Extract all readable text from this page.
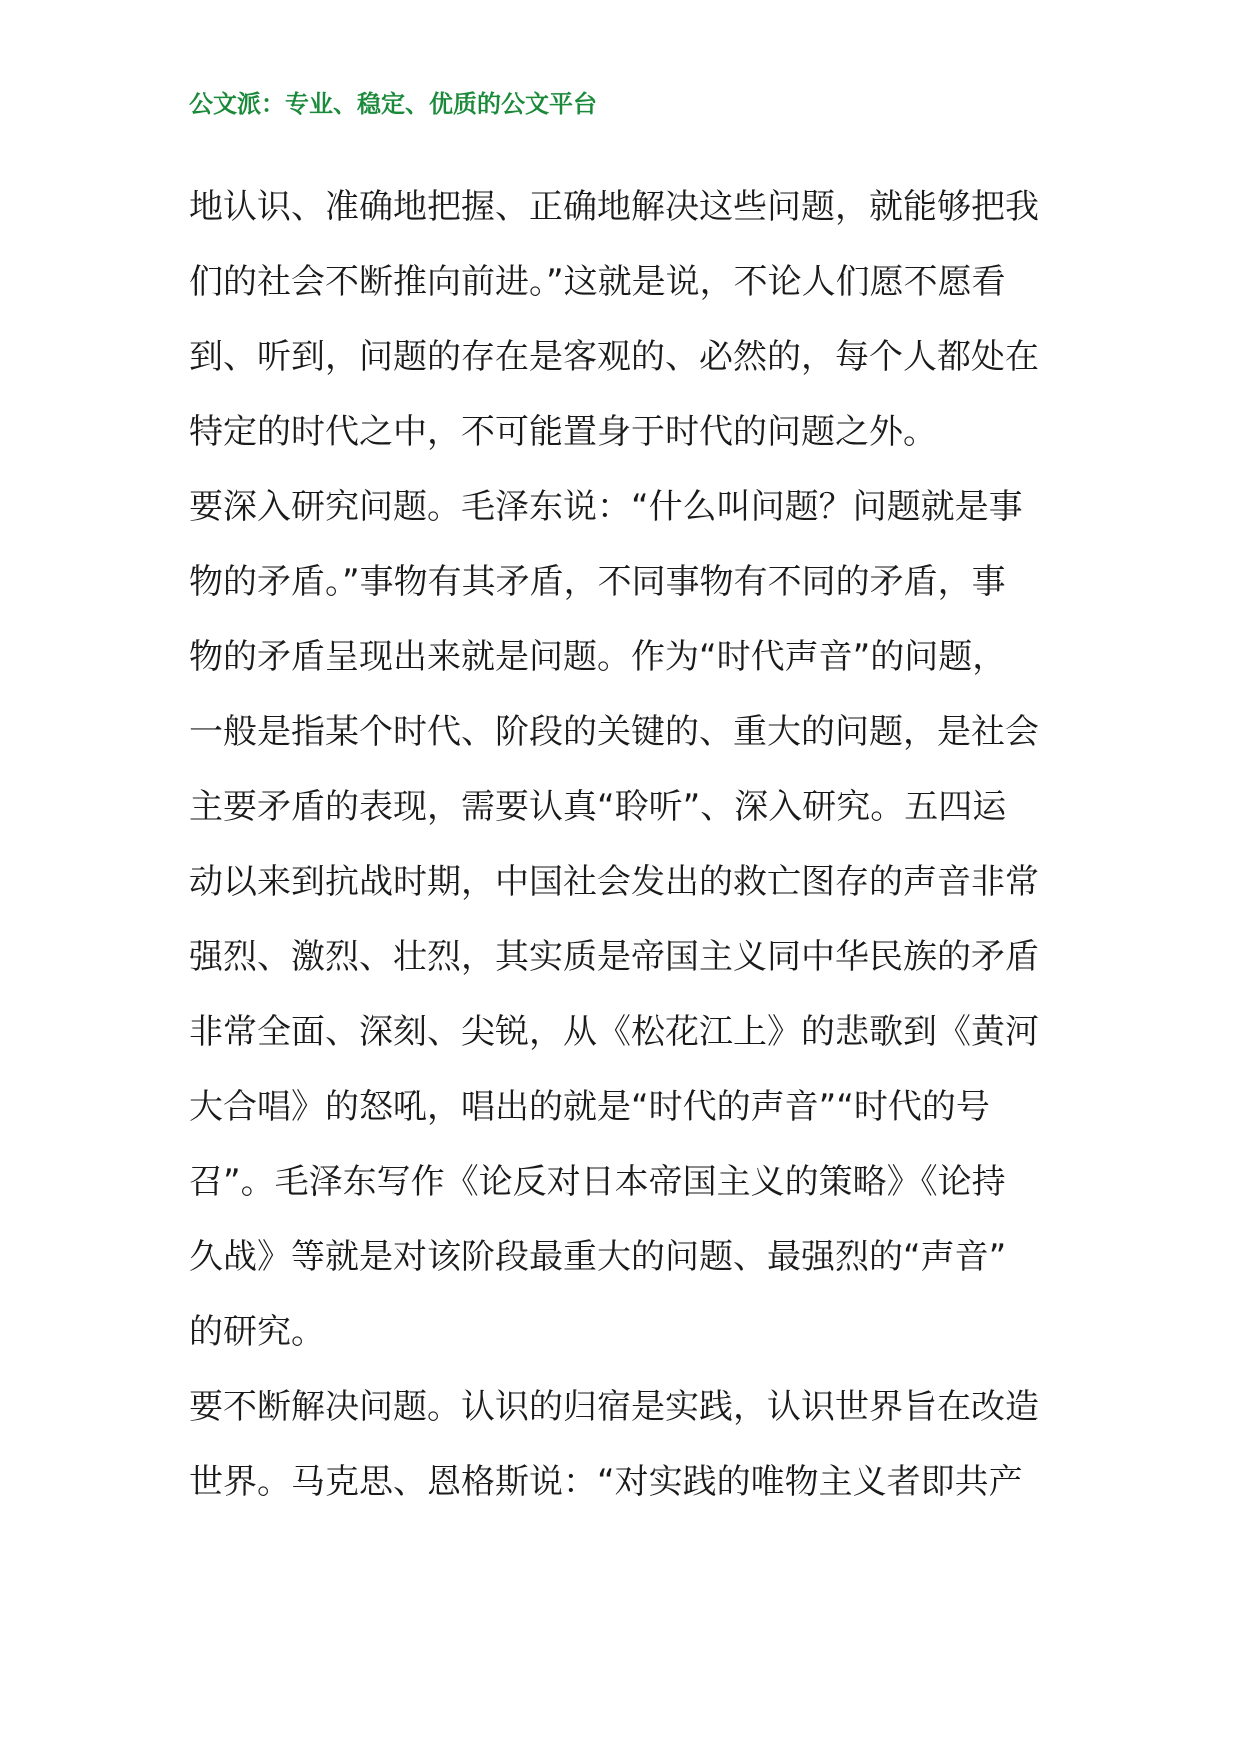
公文派：专业、稳定、优质的公文平台
地认识、准确地把握、正确地解决这些问题，就能够把我
们的社会不断推向前进。”这就是说，不论人们愿不愿看
到、听到，问题的存在是客观的、必然的，每个人都处在
特定的时代之中，不可能置身于时代的问题之外。
要深入研究问题。毛泽东说：“什么叫问题？问题就是事
物的矛盾。”事物有其矛盾，不同事物有不同的矛盾，事
物的矛盾呈现出来就是问题。作为“时代声音”的问题，
一般是指某个时代、阶段的关键的、重大的问题，是社会
主要矛盾的表现，需要认真“聆听”、深入研究。五四运
动以来到抗战时期，中国社会发出的救亡图存的声音非常
强烈、激烈、壮烈，其实质是帝国主义同中华民族的矛盾
非常全面、深刻、尖锐，从《松花江上》的悲歌到《黄河
大合唱》的怒吼，唱出的就是“时代的声音”“时代的号
召”。毛泽东写作《论反对日本帝国主义的策略》《论持
久战》等就是对该阶段最重大的问题、最强烈的“声音”
的研究。
要不断解决问题。认识的归宿是实践，认识世界旨在改造
世界。马克思、恩格斯说：“对实践的唯物主义者即共产
